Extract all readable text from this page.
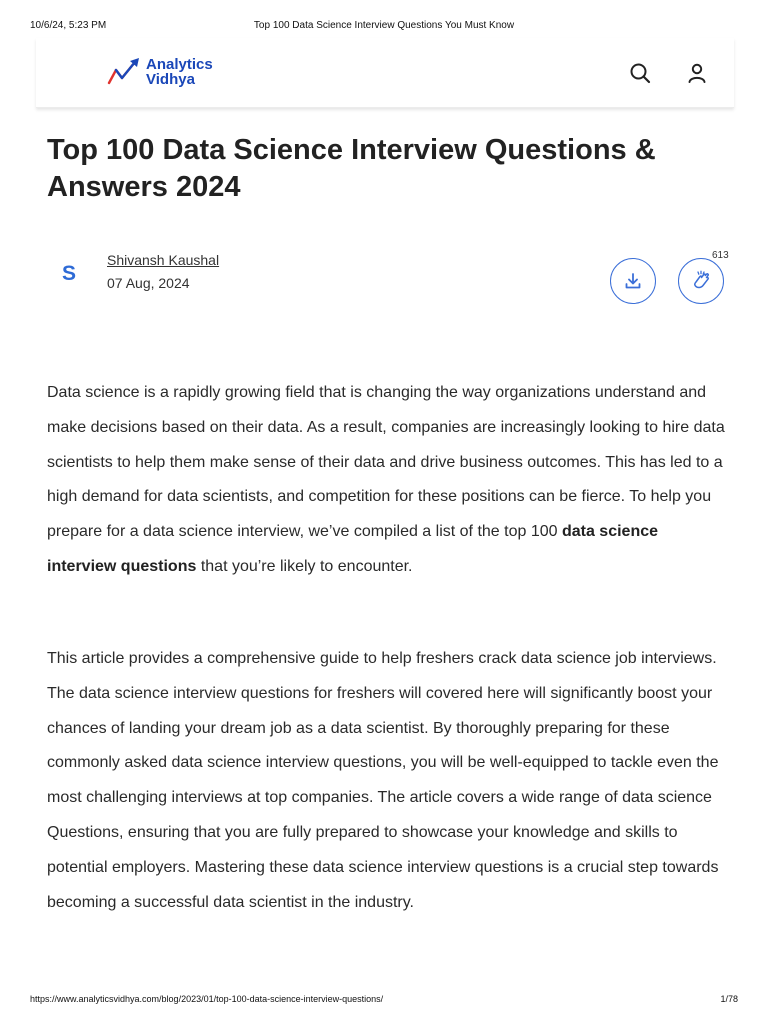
10/6/24, 5:23 PM	Top 100 Data Science Interview Questions You Must Know
Analytics
Vidhya
Top 100 Data Science Interview Questions &
Answers 2024
S
Shivansh Kaushal
07 Aug, 2024
613

Data science is a rapidly growing field that is changing the way organizations understand and make decisions based on their data. As a result, companies are increasingly looking to hire data scientists to help them make sense of their data and drive business outcomes. This has led to a high demand for data scientists, and competition for these positions can be fierce. To help you prepare for a data science interview, we’ve compiled a list of the top 100 data science interview questions that you’re likely to encounter.

This article provides a comprehensive guide to help freshers crack data science job interviews. The data science interview questions for freshers will covered here will significantly boost your chances of landing your dream job as a data scientist. By thoroughly preparing for these commonly asked data science interview questions, you will be well-equipped to tackle even the most challenging interviews at top companies. The article covers a wide range of data science Questions, ensuring that you are fully prepared to showcase your knowledge and skills to potential employers. Mastering these data science interview questions is a crucial step towards becoming a successful data scientist in the industry.

https://www.analyticsvidhya.com/blog/2023/01/top-100-data-science-interview-questions/	1/78
